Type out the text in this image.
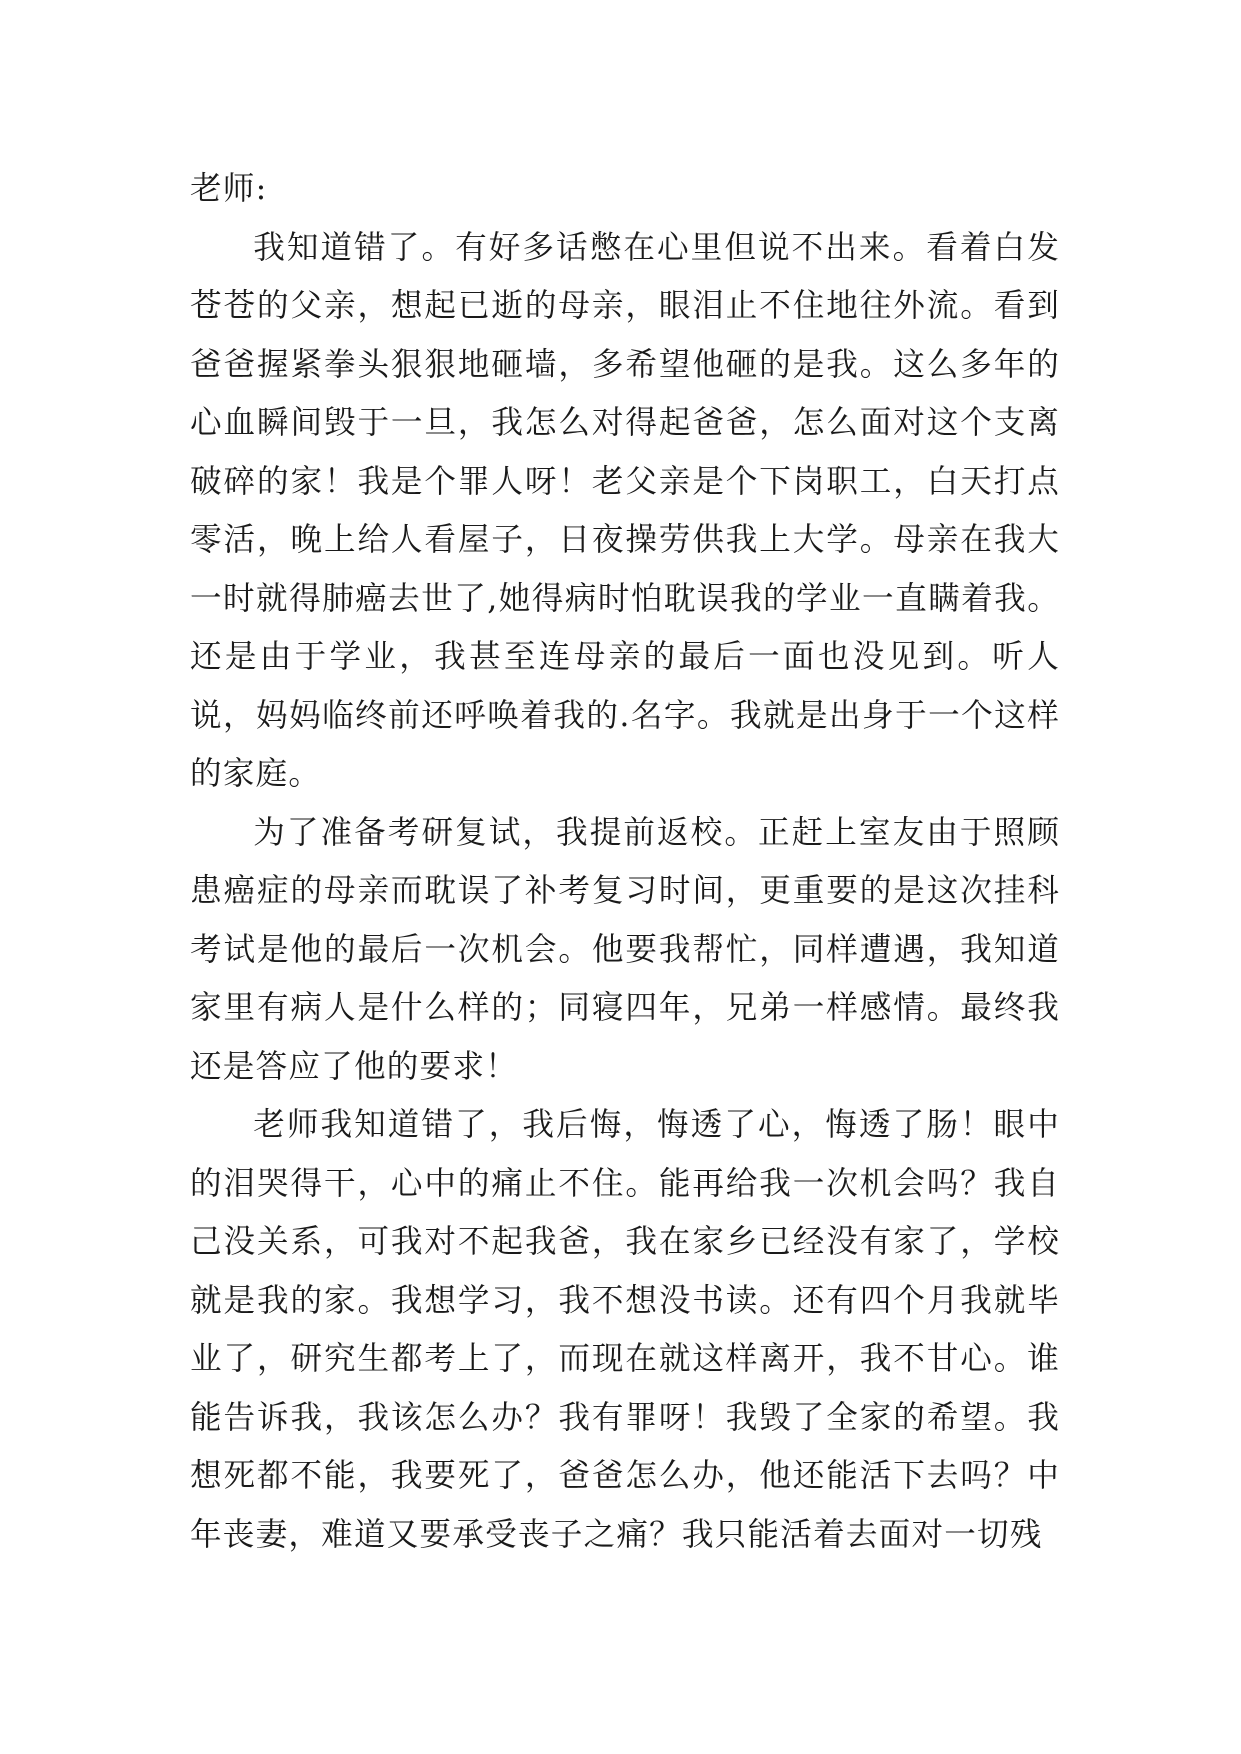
老师:

我知道错了。有好多话憋在心里但说不出来。看着白发苍苍的父亲，想起已逝的母亲，眼泪止不住地往外流。看到爸爸握紧拳头狠狠地砸墙，多希望他砸的是我。这么多年的心血瞬间毁于一旦，我怎么对得起爸爸，怎么面对这个支离破碎的家！我是个罪人呀！老父亲是个下岗职工，白天打点零活，晚上给人看屋子，日夜操劳供我上大学。母亲在我大一时就得肺癌去世了,她得病时怕耽误我的学业一直瞒着我。还是由于学业，我甚至连母亲的最后一面也没见到。听人说，妈妈临终前还呼唤着我的.名字。我就是出身于一个这样的家庭。

为了准备考研复试，我提前返校。正赶上室友由于照顾患癌症的母亲而耽误了补考复习时间，更重要的是这次挂科考试是他的最后一次机会。他要我帮忙，同样遭遇，我知道家里有病人是什么样的；同寝四年，兄弟一样感情。最终我还是答应了他的要求！

老师我知道错了，我后悔，悔透了心，悔透了肠！眼中的泪哭得干，心中的痛止不住。能再给我一次机会吗？我自己没关系，可我对不起我爸，我在家乡已经没有家了，学校就是我的家。我想学习，我不想没书读。还有四个月我就毕业了，研究生都考上了，而现在就这样离开，我不甘心。谁能告诉我，我该怎么办？我有罪呀！我毁了全家的希望。我想死都不能，我要死了，爸爸怎么办，他还能活下去吗？中年丧妻，难道又要承受丧子之痛？我只能活着去面对一切残
